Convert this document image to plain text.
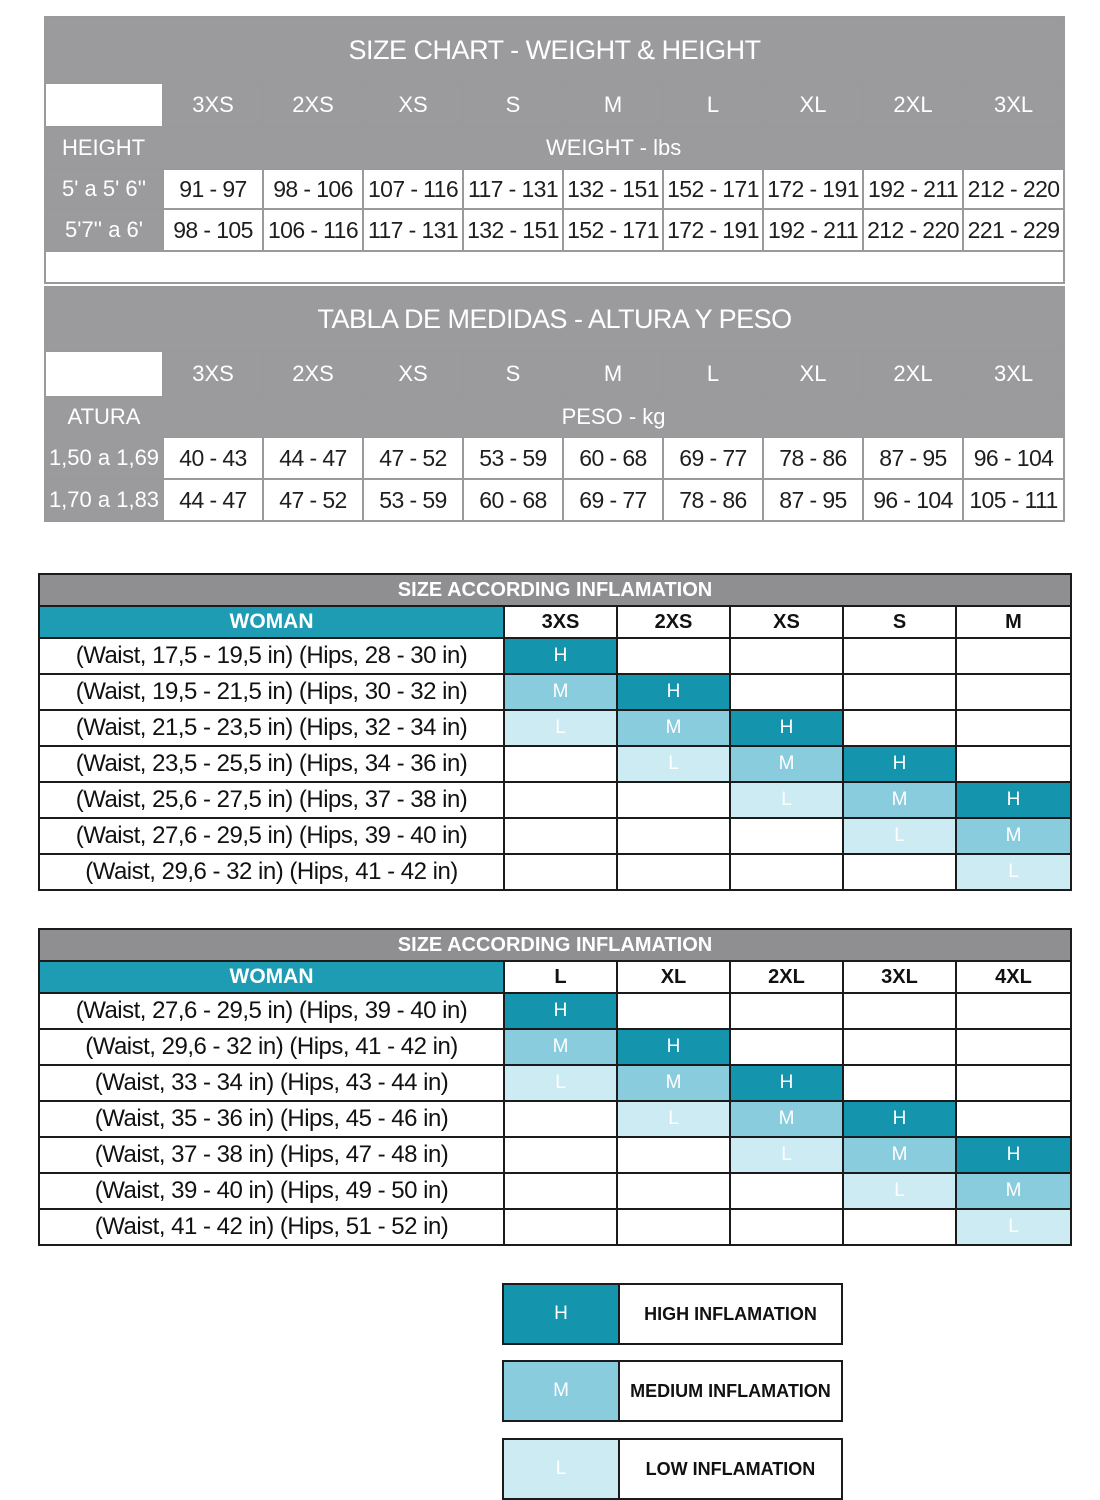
SIZE CHART - WEIGHT & HEIGHT									
	3XS	2XS	XS	S	M	L	XL	2XL	3XL
HEIGHT	WEIGHT - lbs								
5' a 5' 6''	91 - 97	98 - 106	107 - 116	117 - 131	132 - 151	152 - 171	172 - 191	192 - 211	212 - 220
5'7'' a 6'	98 - 105	106 - 116	117 - 131	132 - 151	152 - 171	172 - 191	192 - 211	212 - 220	221 - 229

TABLA DE MEDIDAS - ALTURA Y PESO									
	3XS	2XS	XS	S	M	L	XL	2XL	3XL
ATURA	PESO - kg								
1,50 a 1,69	40 - 43	44 - 47	47 - 52	53 - 59	60 - 68	69 - 77	78 - 86	87 - 95	96 - 104
1,70 a 1,83	44 - 47	47 - 52	53 - 59	60 - 68	69 - 77	78 - 86	87 - 95	96 - 104	105 - 111
SIZE ACCORDING INFLAMATION					
WOMAN	3XS	2XS	XS	S	M
(Waist, 17,5 - 19,5 in) (Hips, 28 - 30 in)	H				
(Waist, 19,5 - 21,5 in) (Hips, 30 - 32 in)	M	H			
(Waist, 21,5 - 23,5 in) (Hips, 32 - 34 in)	L	M	H		
(Waist, 23,5 - 25,5 in) (Hips, 34 - 36 in)		L	M	H	
(Waist, 25,6 - 27,5 in) (Hips, 37 - 38 in)			L	M	H
(Waist, 27,6 - 29,5 in) (Hips, 39 - 40 in)				L	M
(Waist, 29,6 - 32 in) (Hips, 41 - 42 in)					L
SIZE ACCORDING INFLAMATION					
WOMAN	L	XL	2XL	3XL	4XL
(Waist, 27,6 - 29,5 in) (Hips, 39 - 40 in)	H				
(Waist, 29,6 - 32 in) (Hips, 41 - 42 in)	M	H			
(Waist, 33 - 34 in) (Hips, 43 - 44 in)	L	M	H		
(Waist, 35 - 36 in) (Hips, 45 - 46 in)		L	M	H	
(Waist, 37 - 38 in) (Hips, 47 - 48 in)			L	M	H
(Waist, 39 - 40 in) (Hips, 49 - 50 in)				L	M
(Waist, 41 - 42 in) (Hips, 51 - 52 in)					L
H	HIGH INFLAMATION
M	MEDIUM INFLAMATION
L	LOW INFLAMATION
